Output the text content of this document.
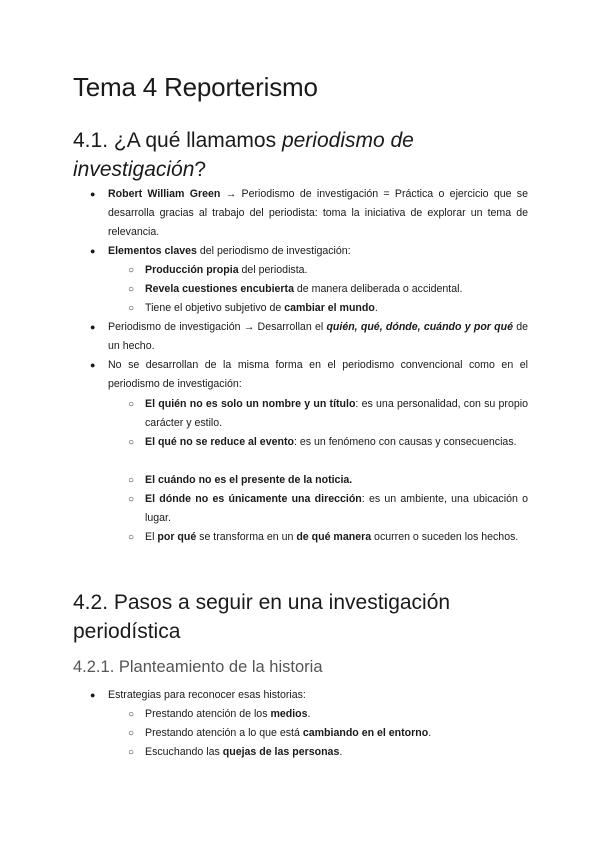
Tema 4 Reporterismo
4.1. ¿A qué llamamos periodismo de investigación?
● Robert William Green → Periodismo de investigación = Práctica o ejercicio que se desarrolla gracias al trabajo del periodista: toma la iniciativa de explorar un tema de relevancia.
● Elementos claves del periodismo de investigación:
○ Producción propia del periodista.
○ Revela cuestiones encubierta de manera deliberada o accidental.
○ Tiene el objetivo subjetivo de cambiar el mundo.
● Periodismo de investigación → Desarrollan el quién, qué, dónde, cuándo y por qué de un hecho.
● No se desarrollan de la misma forma en el periodismo convencional como en el periodismo de investigación:
○ El quién no es solo un nombre y un título: es una personalidad, con su propio carácter y estilo.
○ El qué no se reduce al evento: es un fenómeno con causas y consecuencias.
○ El cuándo no es el presente de la noticia.
○ El dónde no es únicamente una dirección: es un ambiente, una ubicación o lugar.
○ El por qué se transforma en un de qué manera ocurren o suceden los hechos.
4.2. Pasos a seguir en una investigación periodística
4.2.1. Planteamiento de la historia
● Estrategias para reconocer esas historias:
○ Prestando atención de los medios.
○ Prestando atención a lo que está cambiando en el entorno.
○ Escuchando las quejas de las personas.
